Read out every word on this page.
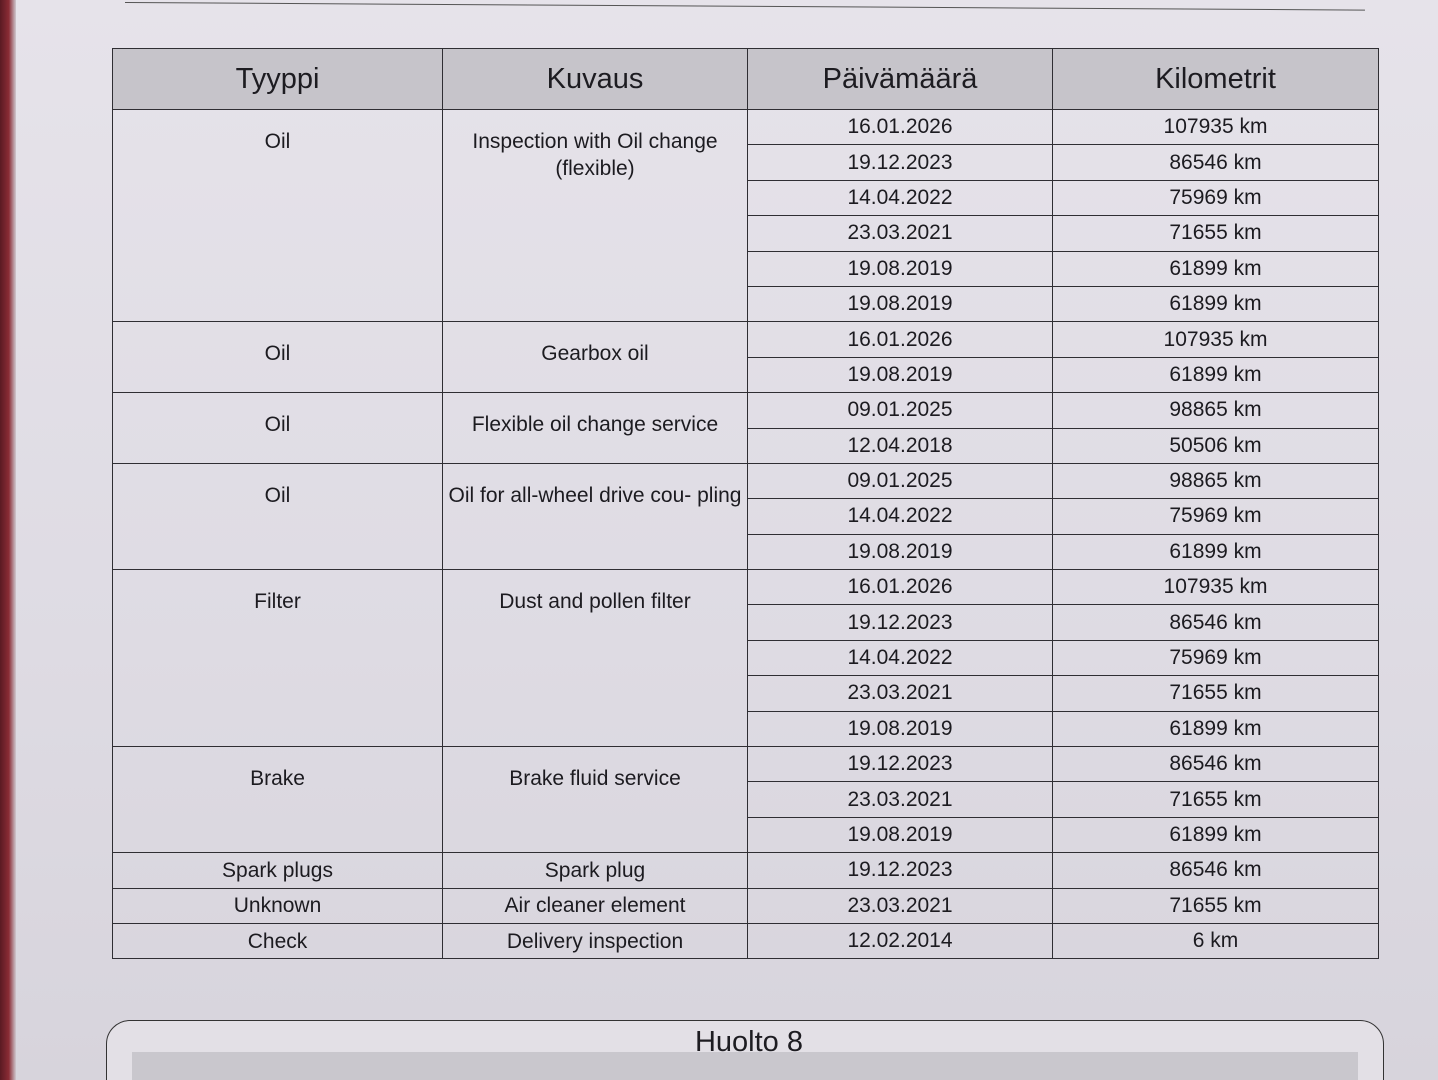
Tyyppi	Kuvaus	Päivämäärä	Kilometrit
Oil	Inspection with Oil change (flexible)	16.01.2026	107935 km
		19.12.2023	86546 km
		14.04.2022	75969 km
		23.03.2021	71655 km
		19.08.2019	61899 km
		19.08.2019	61899 km
Oil	Gearbox oil	16.01.2026	107935 km
		19.08.2019	61899 km
Oil	Flexible oil change service	09.01.2025	98865 km
		12.04.2018	50506 km
Oil	Oil for all-wheel drive cou- pling	09.01.2025	98865 km
		14.04.2022	75969 km
		19.08.2019	61899 km
Filter	Dust and pollen filter	16.01.2026	107935 km
		19.12.2023	86546 km
		14.04.2022	75969 km
		23.03.2021	71655 km
		19.08.2019	61899 km
Brake	Brake fluid service	19.12.2023	86546 km
		23.03.2021	71655 km
		19.08.2019	61899 km
Spark plugs	Spark plug	19.12.2023	86546 km
Unknown	Air cleaner element	23.03.2021	71655 km
Check	Delivery inspection	12.02.2014	6 km
Huolto 8
